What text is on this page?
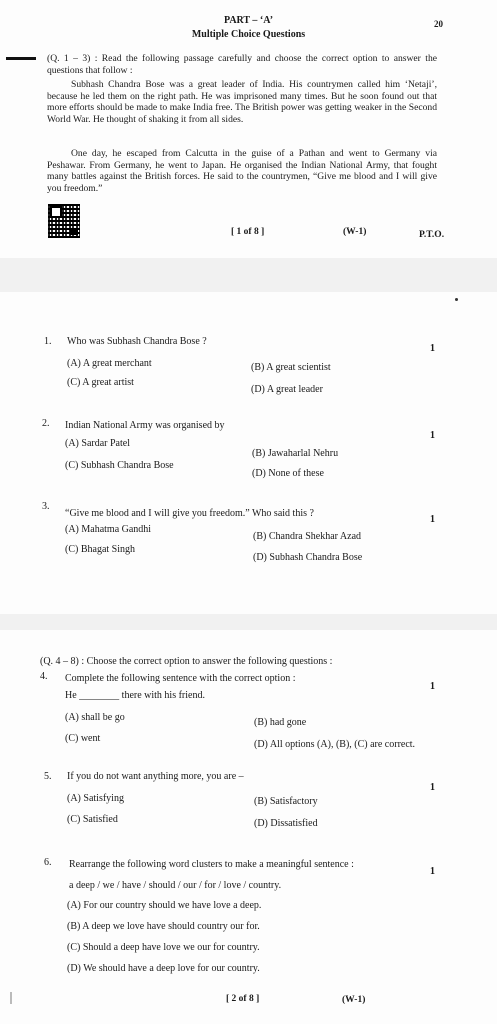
PART – ‘A’	20
Multiple Choice Questions
(Q. 1 – 3) : Read the following passage carefully and choose the correct option to answer the questions that follow :
Subhash Chandra Bose was a great leader of India. His countrymen called him ‘Netaji’, because he led them on the right path. He was imprisoned many times. But he soon found out that more efforts should be made to make India free. The British power was getting weaker in the Second World War. He thought of shaking it from all sides.
One day, he escaped from Calcutta in the guise of a Pathan and went to Germany via Peshawar. From Germany, he went to Japan. He organised the Indian National Army, that fought many battles against the British forces. He said to the countrymen, “Give me blood and I will give you freedom.”
[ 1 of 8 ]	(W-1)	P.T.O.
1. Who was Subhash Chandra Bose ?
1
(A) A great merchant	(B) A great scientist
(C) A great artist
(D) A great leader
2. Indian National Army was organised by
1
(A) Sardar Patel
(B) Jawaharlal Nehru
(C) Subhash Chandra Bose
(D) None of these
3.
“Give me blood and I will give you freedom.” Who said this ?
1
(A) Mahatma Gandhi
(B) Chandra Shekhar Azad
(C) Bhagat Singh
(D) Subhash Chandra Bose
(Q. 4 – 8) : Choose the correct option to answer the following questions :
4. Complete the following sentence with the correct option :
1
He ________ there with his friend.
(A) shall be go	(B) had gone
(C) went
(D) All options (A), (B), (C) are correct.
5. If you do not want anything more, you are –
1
(A) Satisfying	(B) Satisfactory
(C) Satisfied	(D) Dissatisfied
6. Rearrange the following word clusters to make a meaningful sentence :
1
a deep / we / have / should / our / for / love / country.
(A) For our country should we have love a deep.
(B) A deep we love have should country our for.
(C) Should a deep have love we our for country.
(D) We should have a deep love for our country.
[ 2 of 8 ]	(W-1)
